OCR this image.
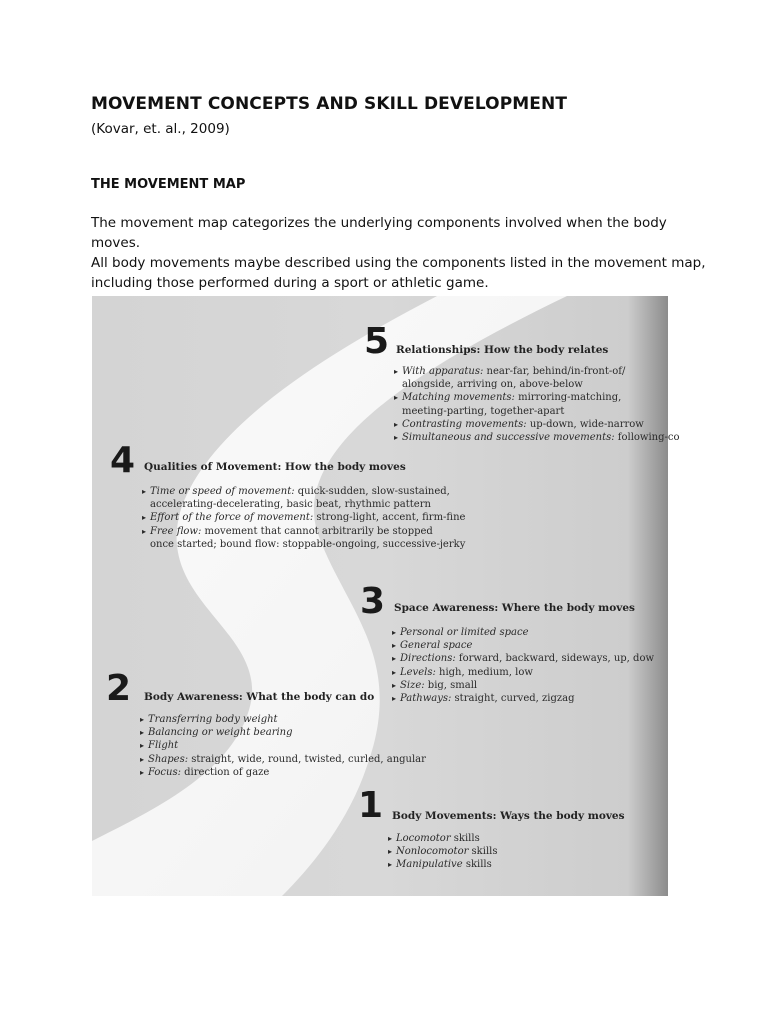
MOVEMENT CONCEPTS AND SKILL DEVELOPMENT
(Kovar, et. al., 2009)
THE MOVEMENT MAP

The movement map categorizes the underlying components involved when the body moves.
All body movements maybe described using the components listed in the movement map,
including those performed during a sport or athletic game.

5 Relationships: How the body relates
▸ With apparatus: near-far, behind/in-front-of/
alongside, arriving on, above-below
▸ Matching movements: mirroring-matching,
meeting-parting, together-apart
▸ Contrasting movements: up-down, wide-narrow
▸ Simultaneous and successive movements: following-co
4 Qualities of Movement: How the body moves
▸ Time or speed of movement: quick-sudden, slow-sustained,
accelerating-decelerating, basic beat, rhythmic pattern
▸ Effort of the force of movement: strong-light, accent, firm-fine
▸ Free flow: movement that cannot arbitrarily be stopped
once started; bound flow: stoppable-ongoing, successive-jerky
3 Space Awareness: Where the body moves
▸ Personal or limited space
▸ General space
▸ Directions: forward, backward, sideways, up, dow
▸ Levels: high, medium, low
▸ Size: big, small
▸ Pathways: straight, curved, zigzag
2 Body Awareness: What the body can do
▸ Transferring body weight
▸ Balancing or weight bearing
▸ Flight
▸ Shapes: straight, wide, round, twisted, curled, angular
▸ Focus: direction of gaze
1 Body Movements: Ways the body moves
▸ Locomotor skills
▸ Nonlocomotor skills
▸ Manipulative skills
